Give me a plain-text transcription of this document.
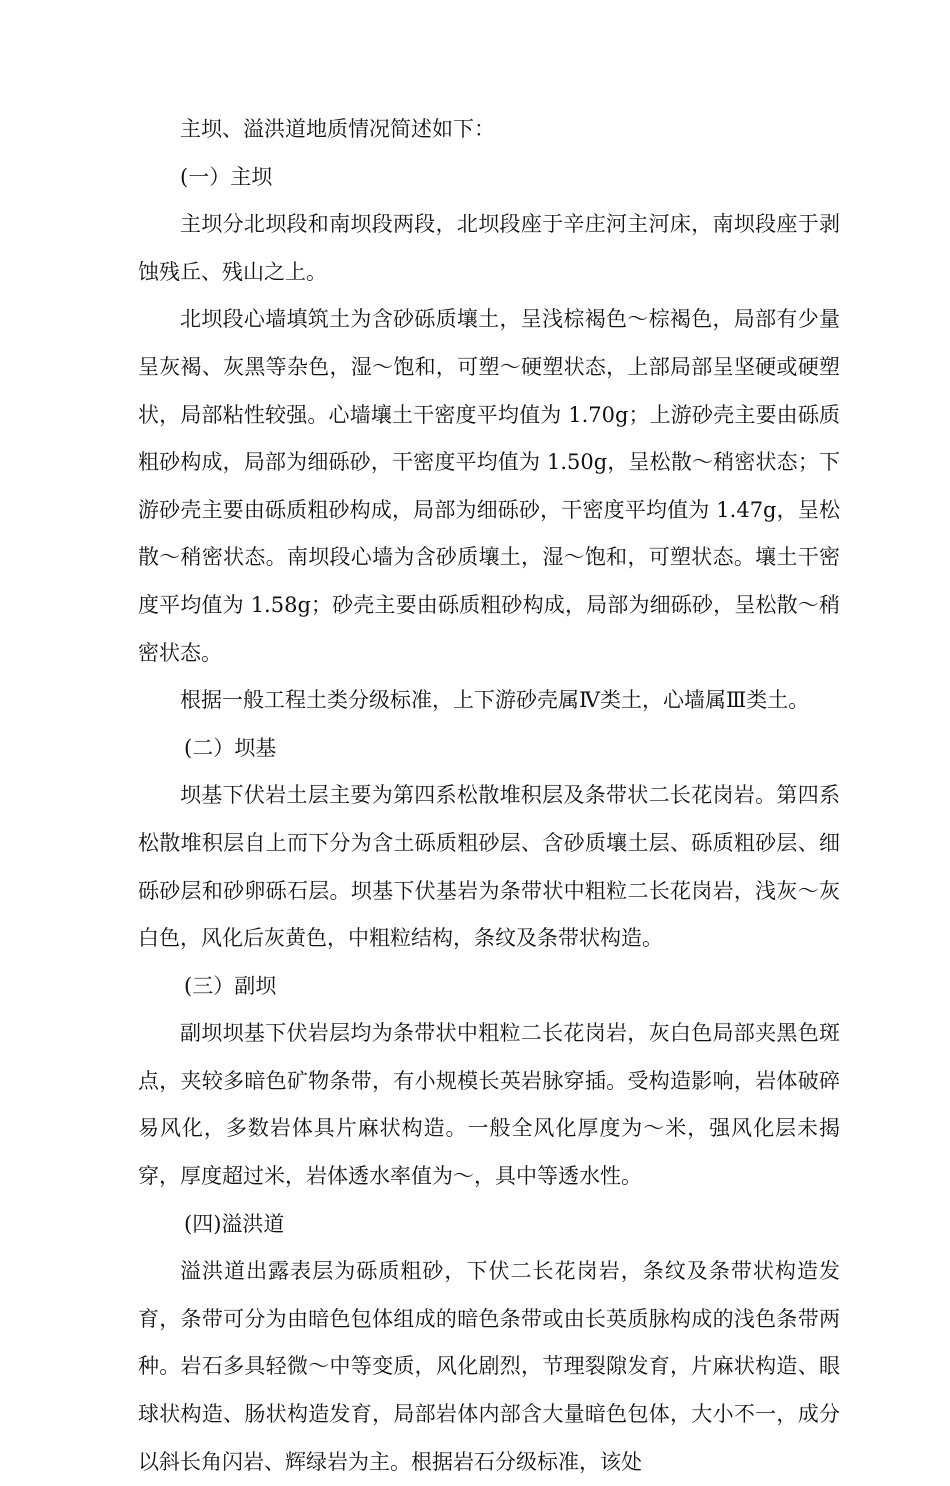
主坝、溢洪道地质情况简述如下：

(一）主坝

主坝分北坝段和南坝段两段，北坝段座于辛庄河主河床，南坝段座于剥蚀残丘、残山之上。

北坝段心墙填筑土为含砂砾质壤土，呈浅棕褐色～棕褐色，局部有少量呈灰褐、灰黑等杂色，湿～饱和，可塑～硬塑状态，上部局部呈坚硬或硬塑状，局部粘性较强。心墙壤土干密度平均值为 1.70g；上游砂壳主要由砾质粗砂构成，局部为细砾砂，干密度平均值为 1.50g，呈松散～稍密状态；下游砂壳主要由砾质粗砂构成，局部为细砾砂，干密度平均值为 1.47g，呈松散～稍密状态。南坝段心墙为含砂质壤土，湿～饱和，可塑状态。壤土干密度平均值为 1.58g；砂壳主要由砾质粗砂构成，局部为细砾砂，呈松散～稍密状态。

根据一般工程土类分级标准，上下游砂壳属Ⅳ类土，心墙属Ⅲ类土。

(二）坝基

坝基下伏岩土层主要为第四系松散堆积层及条带状二长花岗岩。第四系松散堆积层自上而下分为含土砾质粗砂层、含砂质壤土层、砾质粗砂层、细砾砂层和砂卵砾石层。坝基下伏基岩为条带状中粗粒二长花岗岩，浅灰～灰白色，风化后灰黄色，中粗粒结构，条纹及条带状构造。

(三）副坝

副坝坝基下伏岩层均为条带状中粗粒二长花岗岩，灰白色局部夹黑色斑点，夹较多暗色矿物条带，有小规模长英岩脉穿插。受构造影响，岩体破碎易风化，多数岩体具片麻状构造。一般全风化厚度为～米，强风化层未揭穿，厚度超过米，岩体透水率值为～，具中等透水性。

(四)溢洪道

溢洪道出露表层为砾质粗砂，下伏二长花岗岩，条纹及条带状构造发育，条带可分为由暗色包体组成的暗色条带或由长英质脉构成的浅色条带两种。岩石多具轻微～中等变质，风化剧烈，节理裂隙发育，片麻状构造、眼球状构造、肠状构造发育，局部岩体内部含大量暗色包体，大小不一，成分以斜长角闪岩、辉绿岩为主。根据岩石分级标准，该处
